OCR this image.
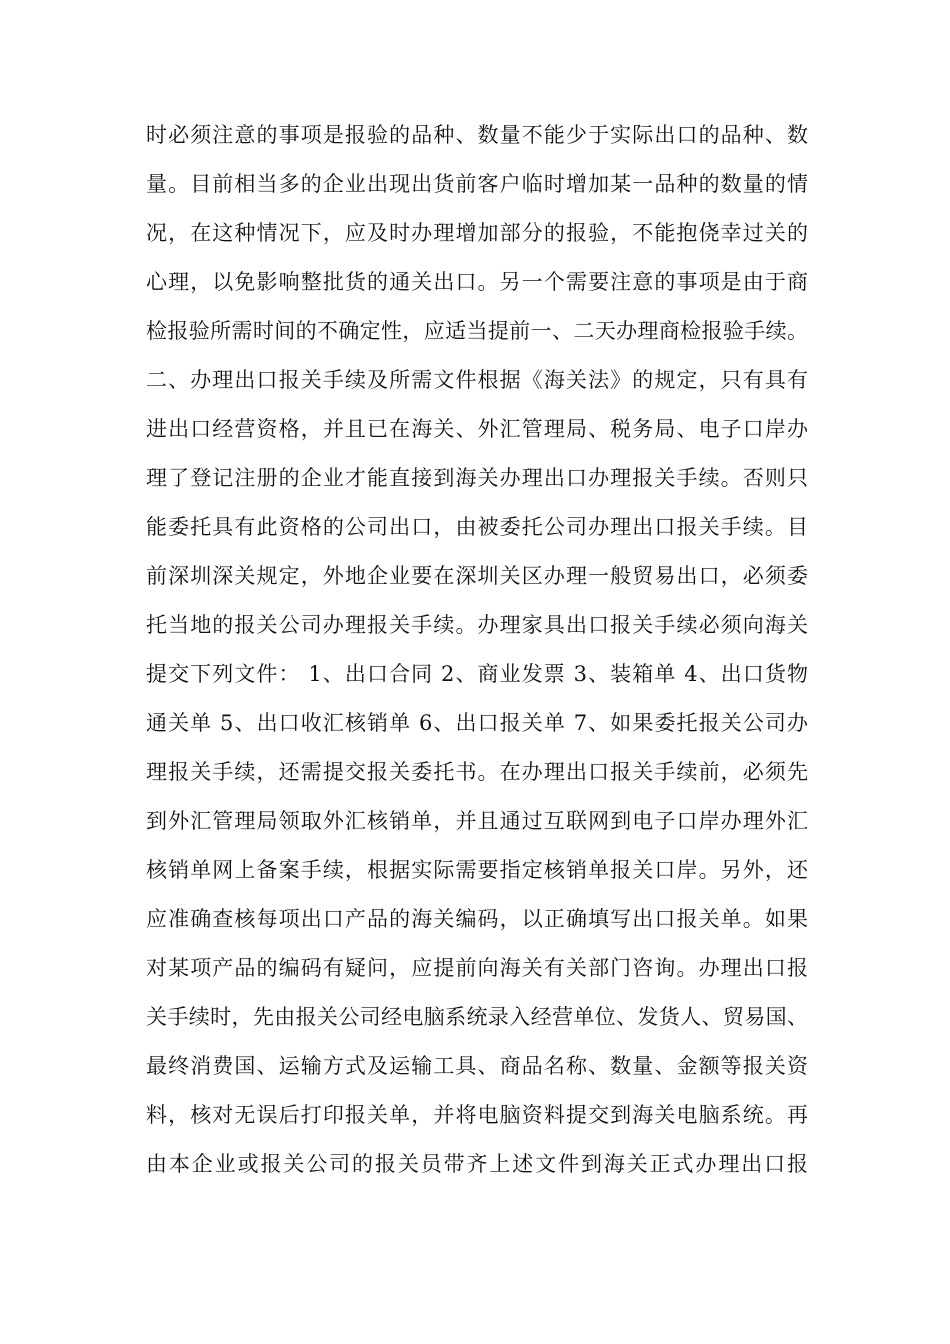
时必须注意的事项是报验的品种、数量不能少于实际出口的品种、数
量。目前相当多的企业出现出货前客户临时增加某一品种的数量的情
况，在这种情况下，应及时办理增加部分的报验，不能抱侥幸过关的
心理，以免影响整批货的通关出口。另一个需要注意的事项是由于商
检报验所需时间的不确定性，应适当提前一、二天办理商检报验手续。
二、办理出口报关手续及所需文件根据《海关法》的规定，只有具有
进出口经营资格，并且已在海关、外汇管理局、税务局、电子口岸办
理了登记注册的企业才能直接到海关办理出口办理报关手续。否则只
能委托具有此资格的公司出口，由被委托公司办理出口报关手续。目
前深圳深关规定，外地企业要在深圳关区办理一般贸易出口，必须委
托当地的报关公司办理报关手续。办理家具出口报关手续必须向海关
提交下列文件： 1、出口合同 2、商业发票 3、装箱单 4、出口货物
通关单 5、出口收汇核销单 6、出口报关单 7、如果委托报关公司办
理报关手续，还需提交报关委托书。在办理出口报关手续前，必须先
到外汇管理局领取外汇核销单，并且通过互联网到电子口岸办理外汇
核销单网上备案手续，根据实际需要指定核销单报关口岸。另外，还
应准确查核每项出口产品的海关编码，以正确填写出口报关单。如果
对某项产品的编码有疑问，应提前向海关有关部门咨询。办理出口报
关手续时，先由报关公司经电脑系统录入经营单位、发货人、贸易国、
最终消费国、运输方式及运输工具、商品名称、数量、金额等报关资
料，核对无误后打印报关单，并将电脑资料提交到海关电脑系统。再
由本企业或报关公司的报关员带齐上述文件到海关正式办理出口报
